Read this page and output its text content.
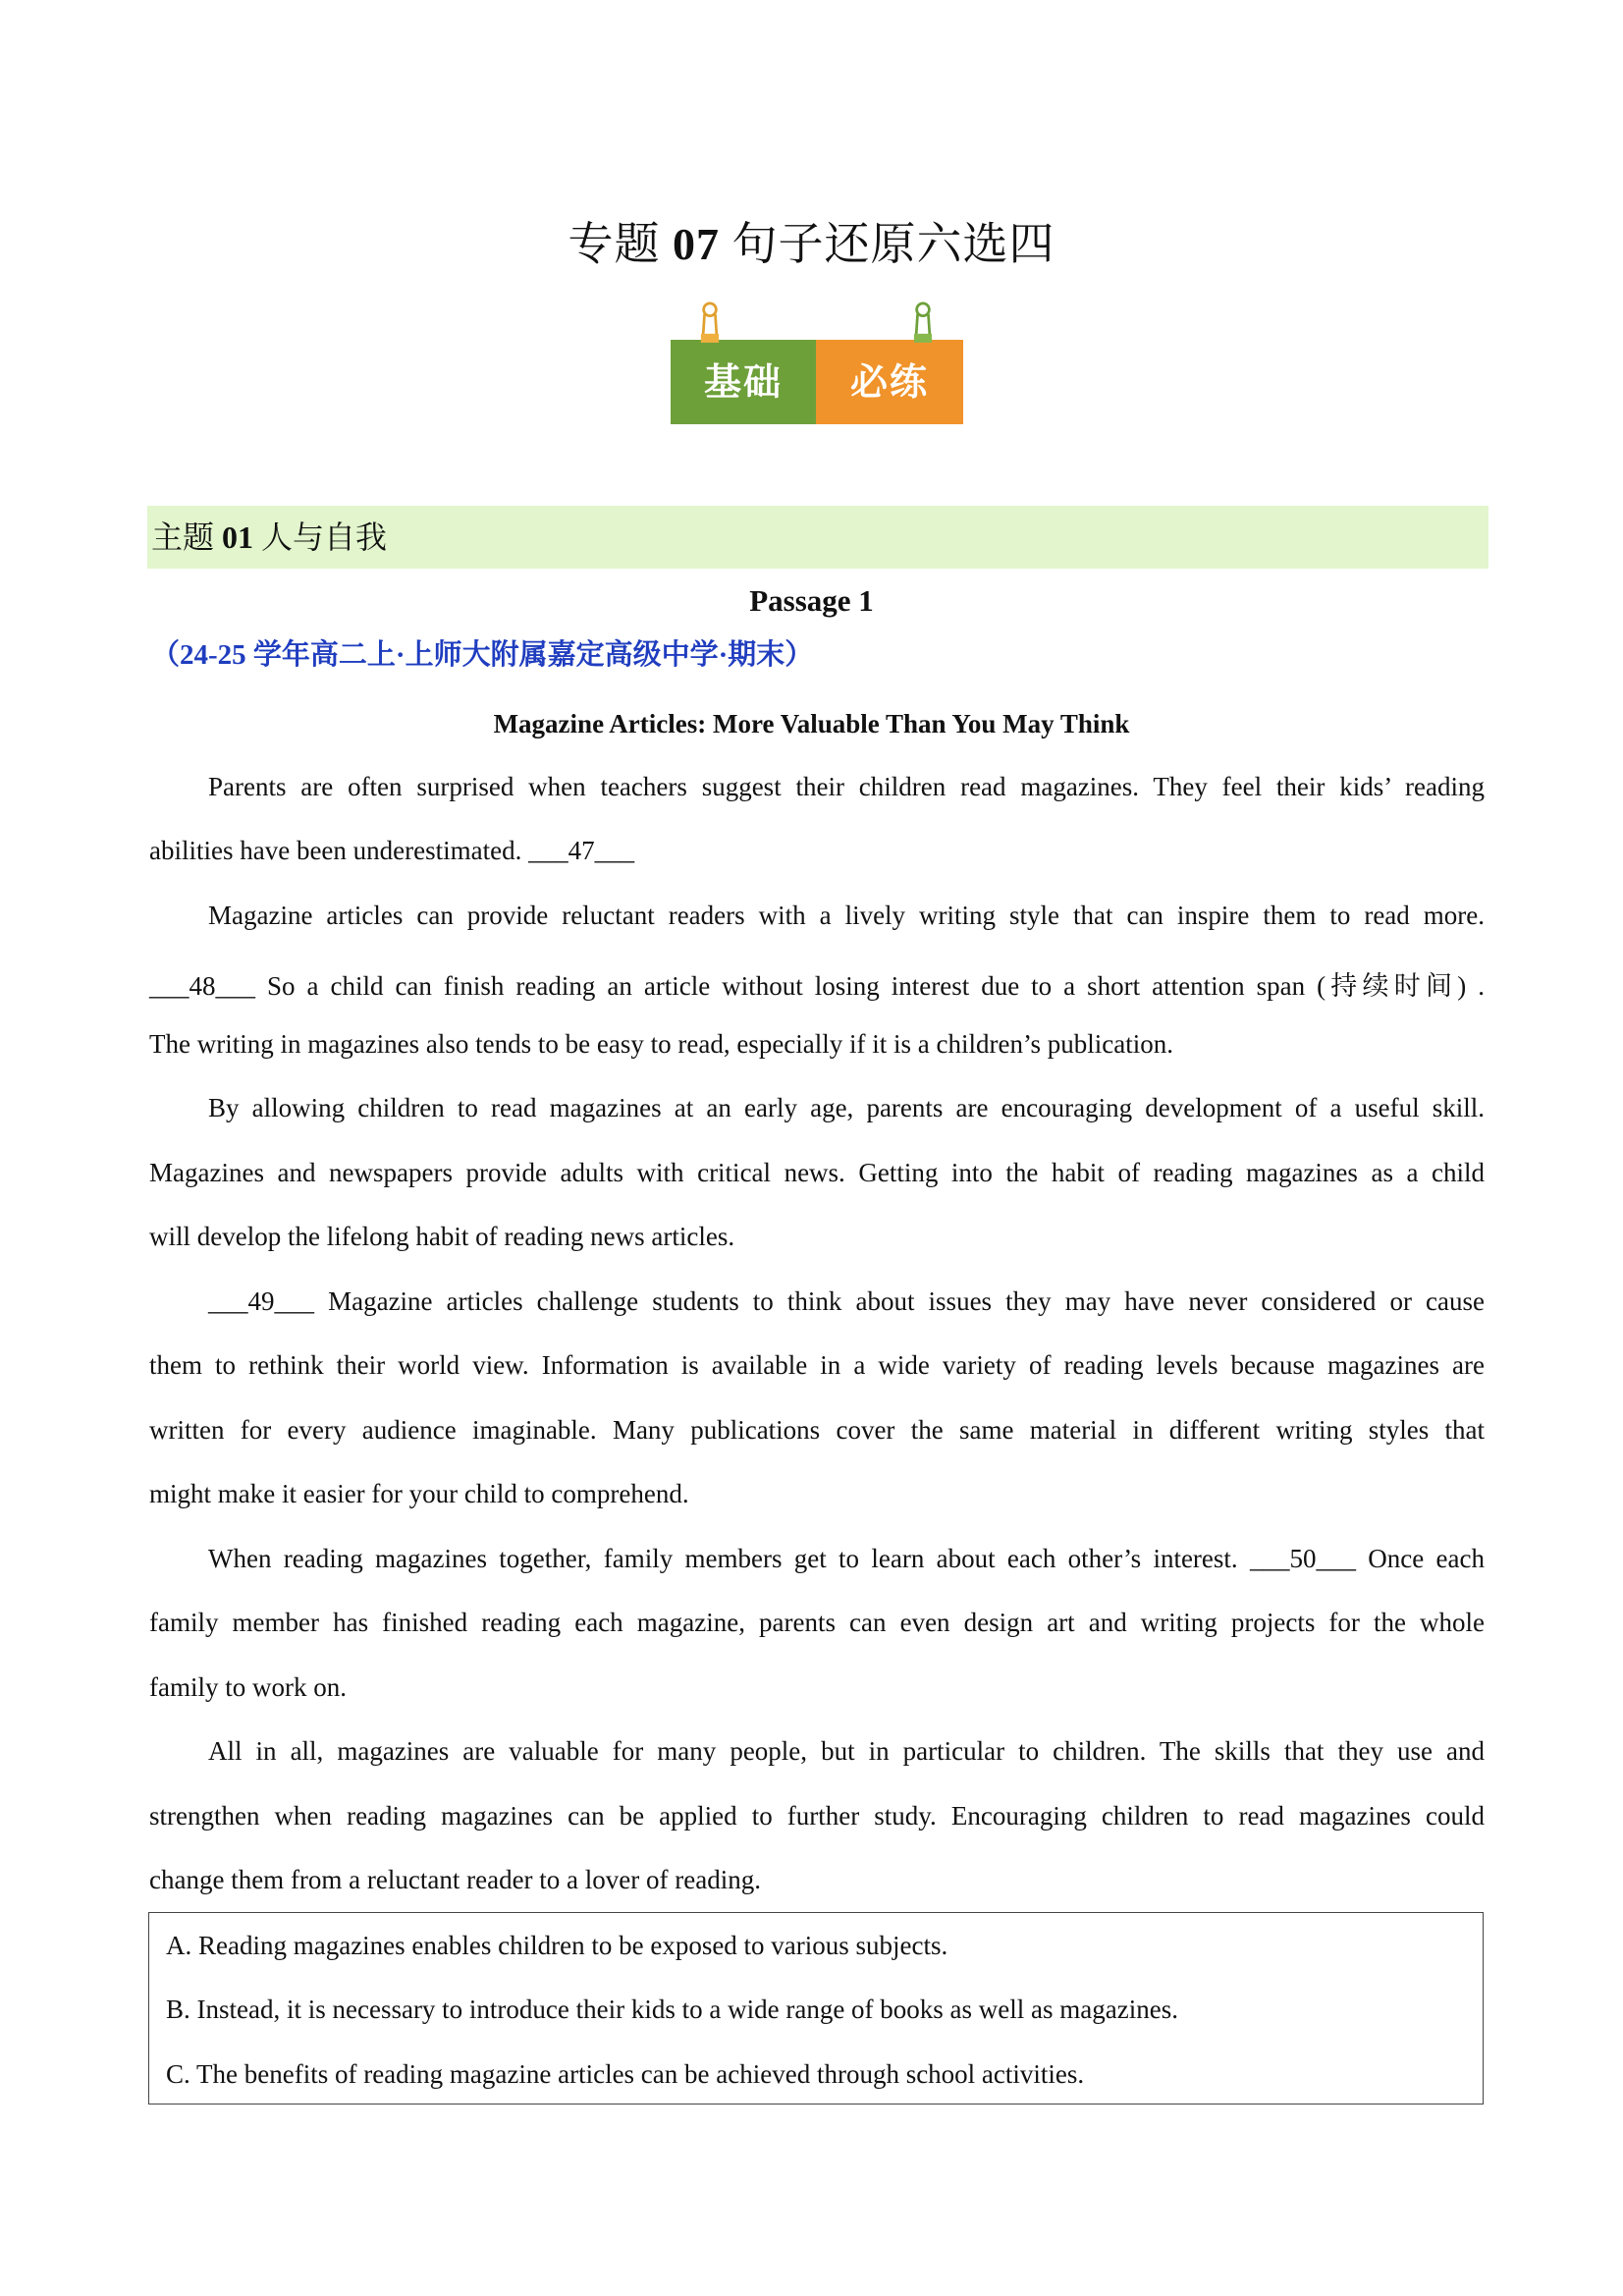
专题 07 句子还原六选四
基础	必练
主题 01 人与自我
Passage 1
（24-25 学年高二上·上师大附属嘉定高级中学·期末）
Magazine Articles: More Valuable Than You May Think
Parents are often surprised when teachers suggest their children read magazines. They feel their kids’ reading
abilities have been underestimated. ___47___
Magazine articles can provide reluctant readers with a lively writing style that can inspire them to read more.
___48___ So a child can finish reading an article without losing interest due to a short attention span (持续时间) .
The writing in magazines also tends to be easy to read, especially if it is a children’s publication.
By allowing children to read magazines at an early age, parents are encouraging development of a useful skill.
Magazines and newspapers provide adults with critical news. Getting into the habit of reading magazines as a child
will develop the lifelong habit of reading news articles.
___49___ Magazine articles challenge students to think about issues they may have never considered or cause
them to rethink their world view. Information is available in a wide variety of reading levels because magazines are
written for every audience imaginable. Many publications cover the same material in different writing styles that
might make it easier for your child to comprehend.
When reading magazines together, family members get to learn about each other’s interest. ___50___ Once each
family member has finished reading each magazine, parents can even design art and writing projects for the whole
family to work on.
All in all, magazines are valuable for many people, but in particular to children. The skills that they use and
strengthen when reading magazines can be applied to further study. Encouraging children to read magazines could
change them from a reluctant reader to a lover of reading.
A. Reading magazines enables children to be exposed to various subjects.
B. Instead, it is necessary to introduce their kids to a wide range of books as well as magazines.
C. The benefits of reading magazine articles can be achieved through school activities.
